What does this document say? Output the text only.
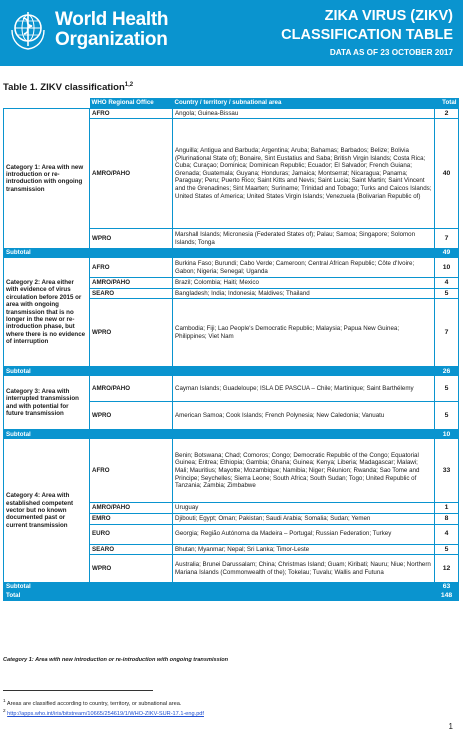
World Health
Organization
ZIKA VIRUS (ZIKV)
CLASSIFICATION TABLE
DATA AS OF 23 OCTOBER 2017
Table 1. ZIKV classification$^{1,2}$
	WHO Regional Office	Country / territory / subnational area	Total
Category 1: Area with new introduction or re-introduction with ongoing transmission	AFRO	Angola; Guinea-Bissau	2
	AMRO/PAHO	Anguilla; Antigua and Barbuda; Argentina; Aruba; Bahamas; Barbados; Belize; Bolivia (Plurinational State of); Bonaire, Sint Eustatius and Saba; British Virgin Islands; Costa Rica; Cuba; Curaçao; Dominica; Dominican Republic; Ecuador; El Salvador; French Guiana; Grenada; Guatemala; Guyana; Honduras; Jamaica; Montserrat; Nicaragua; Panama; Paraguay; Peru; Puerto Rico; Saint Kitts and Nevis; Saint Lucia; Saint Martin; Saint Vincent and the Grenadines; Sint Maarten; Suriname; Trinidad and Tobago; Turks and Caicos Islands; United States of America; United States Virgin Islands; Venezuela (Bolivarian Republic of)	40
	WPRO	Marshall Islands; Micronesia (Federated States of); Palau; Samoa; Singapore; Solomon Islands; Tonga	7
Subtotal			49
Category 2: Area either with evidence of virus circulation before 2015 or area with ongoing transmission that is no longer in the new or re-introduction phase, but where there is no evidence of interruption	AFRO	Burkina Faso; Burundi; Cabo Verde; Cameroon; Central African Republic; Côte d'Ivoire; Gabon; Nigeria; Senegal; Uganda	10
	AMRO/PAHO	Brazil; Colombia; Haiti; Mexico	4
	SEARO	Bangladesh; India; Indonesia; Maldives; Thailand	5
	WPRO	Cambodia; Fiji; Lao People's Democratic Republic; Malaysia; Papua New Guinea; Philippines; Viet Nam	7
Subtotal			26
Category 3: Area with interrupted transmission and with potential for future transmission	AMRO/PAHO	Cayman Islands; Guadeloupe; ISLA DE PASCUA – Chile; Martinique; Saint Barthélemy	5
	WPRO	American Samoa; Cook Islands; French Polynesia; New Caledonia; Vanuatu	5
Subtotal			10
Category 4: Area with established competent vector but no known documented past or current transmission	AFRO	Benin; Botswana; Chad; Comoros; Congo; Democratic Republic of the Congo; Equatorial Guinea; Eritrea; Ethiopia; Gambia; Ghana; Guinea; Kenya; Liberia; Madagascar; Malawi; Mali; Mauritius; Mayotte; Mozambique; Namibia; Niger; Réunion; Rwanda; Sao Tome and Principe; Seychelles; Sierra Leone; South Africa; South Sudan; Togo; United Republic of Tanzania; Zambia; Zimbabwe	33
	AMRO/PAHO	Uruguay	1
	EMRO	Djibouti; Egypt; Oman; Pakistan; Saudi Arabia; Somalia; Sudan; Yemen	8
	EURO	Georgia; Região Autónoma da Madeira – Portugal; Russian Federation; Turkey	4
	SEARO	Bhutan; Myanmar; Nepal; Sri Lanka; Timor-Leste	5
	WPRO	Australia; Brunei Darussalam; China; Christmas Island; Guam; Kiribati; Nauru; Niue; Northern Mariana Islands (Commonwealth of the); Tokelau; Tuvalu; Wallis and Futuna	12
Subtotal			63
Total			148
Category 1: Area with new introduction or re-introduction with ongoing transmission
$^1$ Areas are classified according to country, territory, or subnational area.
$^2$ http://apps.who.int/iris/bitstream/10665/254619/1/WHO-ZIKV-SUR-17.1-eng.pdf
1
